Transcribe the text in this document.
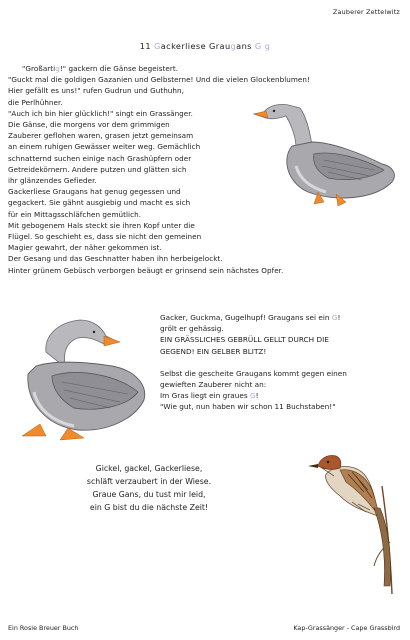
Zauberer Zettelwitz
11 Gackerliese Graugans G g
"Großartig!" gackern die Gänse begeistert.
"Guckt mal die goldigen Gazanien und Gelbsterne! Und die vielen Glockenblumen!
Hier gefällt es uns!" rufen Gudrun und Guthuhn,
die Perlhühner.
"Auch ich bin hier glücklich!" singt ein Grassänger.
Die Gänse, die morgens vor dem grimmigen
Zauberer geflohen waren, grasen jetzt gemeinsam
an einem ruhigen Gewässer weiter weg. Gemächlich
schnatternd suchen einige nach Grashüpfern oder
Getreidekörnern. Andere putzen und glätten sich
ihr glänzendes Gefieder.
Gackerliese Graugans hat genug gegessen und
gegackert. Sie gähnt ausgiebig und macht es sich
für ein Mittagsschläfchen gemütlich.
Mit gebogenem Hals steckt sie ihren Kopf unter die
Flügel. So geschieht es, dass sie nicht den gemeinen
Magier gewahrt, der näher gekommen ist.
Der Gesang und das Geschnatter haben ihn herbeigelockt.
Hinter grünem Gebüsch verborgen beäugt er grinsend sein nächstes Opfer.
Gacker, Guckma, Gugelhupf! Graugans sei ein G!
grölt er gehässig.
EIN GRÄSSLICHES GEBRÜLL GELLT DURCH DIE
GEGEND! EIN GELBER BLITZ!
Selbst die gescheite Graugans kommt gegen einen
gewieften Zauberer nicht an:
Im Gras liegt ein graues G!
"Wie gut, nun haben wir schon 11 Buchstaben!"
Gickel, gackel, Gackerliese,
schläft verzaubert in der Wiese.
Graue Gans, du tust mir leid,
ein G bist du die nächste Zeit!
Ein Rosie Breuer Buch	Kap-Grassänger - Cape Grassbird
